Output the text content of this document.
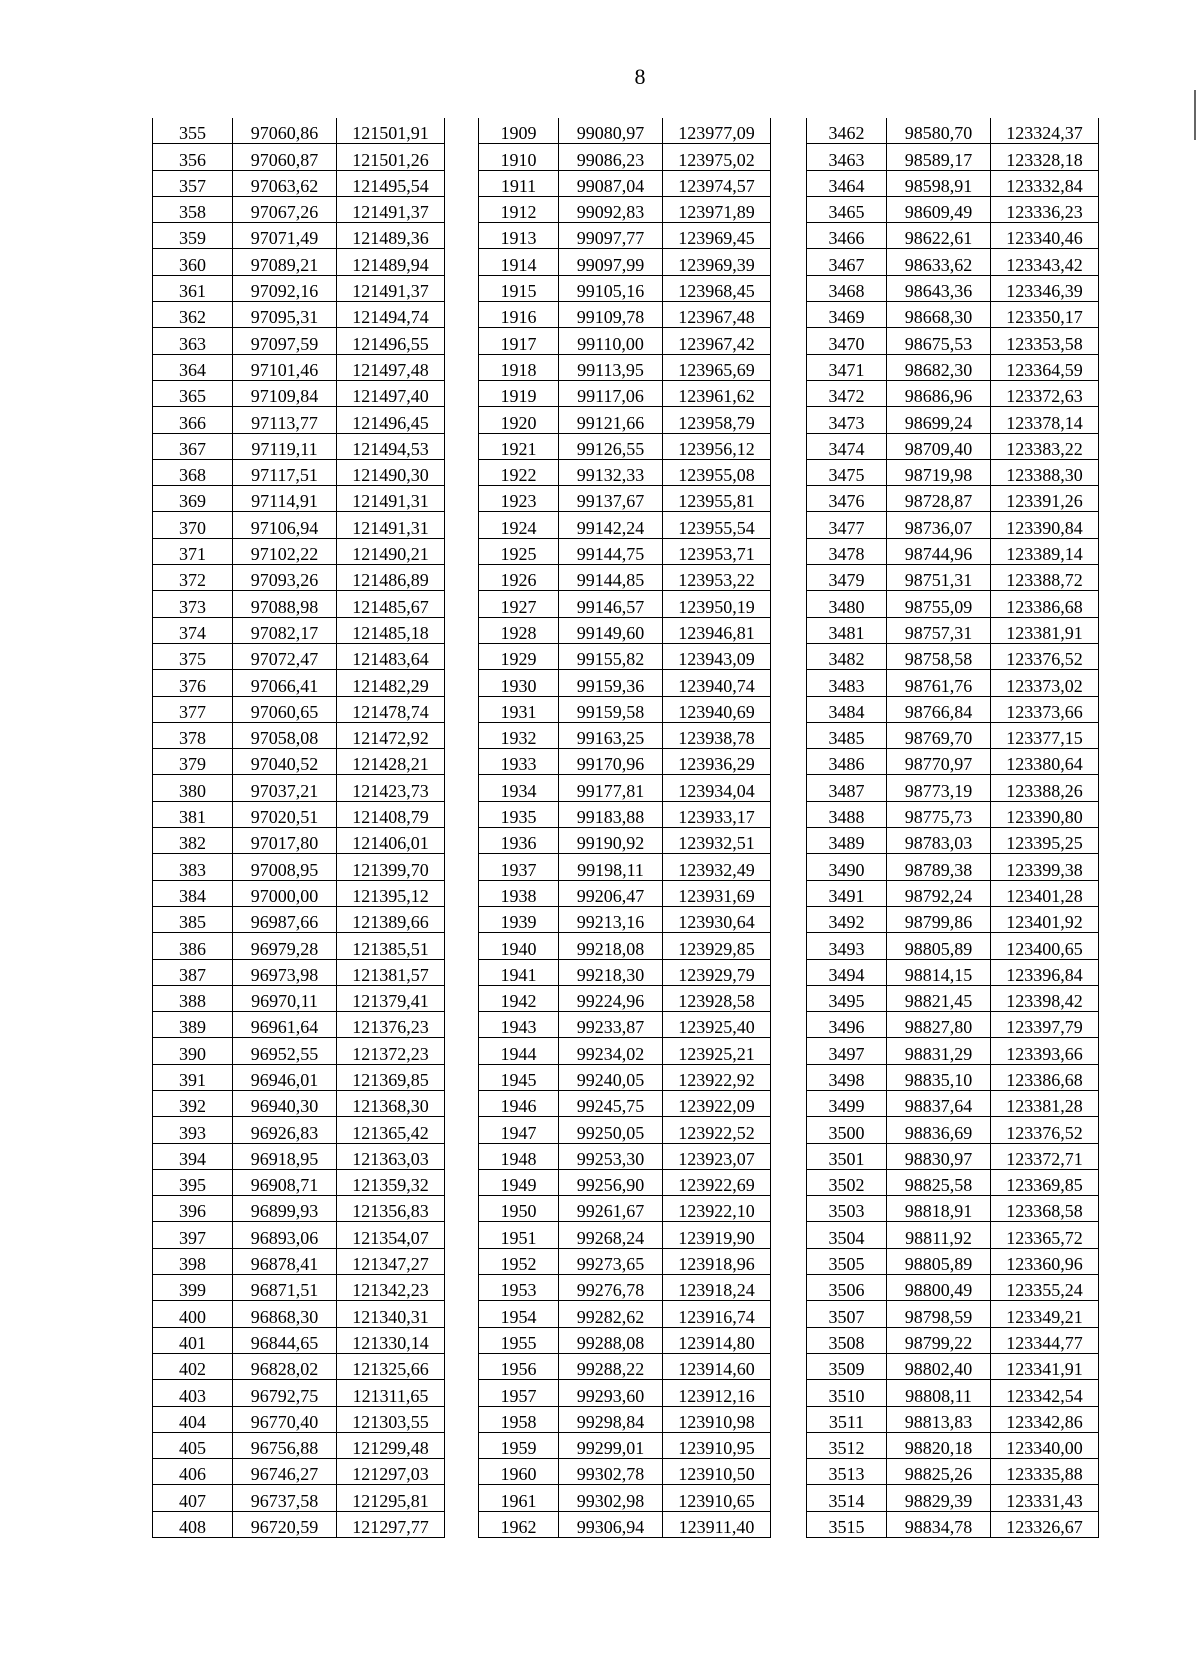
8
355	97060,86	121501,91
356	97060,87	121501,26
357	97063,62	121495,54
358	97067,26	121491,37
359	97071,49	121489,36
360	97089,21	121489,94
361	97092,16	121491,37
362	97095,31	121494,74
363	97097,59	121496,55
364	97101,46	121497,48
365	97109,84	121497,40
366	97113,77	121496,45
367	97119,11	121494,53
368	97117,51	121490,30
369	97114,91	121491,31
370	97106,94	121491,31
371	97102,22	121490,21
372	97093,26	121486,89
373	97088,98	121485,67
374	97082,17	121485,18
375	97072,47	121483,64
376	97066,41	121482,29
377	97060,65	121478,74
378	97058,08	121472,92
379	97040,52	121428,21
380	97037,21	121423,73
381	97020,51	121408,79
382	97017,80	121406,01
383	97008,95	121399,70
384	97000,00	121395,12
385	96987,66	121389,66
386	96979,28	121385,51
387	96973,98	121381,57
388	96970,11	121379,41
389	96961,64	121376,23
390	96952,55	121372,23
391	96946,01	121369,85
392	96940,30	121368,30
393	96926,83	121365,42
394	96918,95	121363,03
395	96908,71	121359,32
396	96899,93	121356,83
397	96893,06	121354,07
398	96878,41	121347,27
399	96871,51	121342,23
400	96868,30	121340,31
401	96844,65	121330,14
402	96828,02	121325,66
403	96792,75	121311,65
404	96770,40	121303,55
405	96756,88	121299,48
406	96746,27	121297,03
407	96737,58	121295,81
408	96720,59	121297,77
1909	99080,97	123977,09
1910	99086,23	123975,02
1911	99087,04	123974,57
1912	99092,83	123971,89
1913	99097,77	123969,45
1914	99097,99	123969,39
1915	99105,16	123968,45
1916	99109,78	123967,48
1917	99110,00	123967,42
1918	99113,95	123965,69
1919	99117,06	123961,62
1920	99121,66	123958,79
1921	99126,55	123956,12
1922	99132,33	123955,08
1923	99137,67	123955,81
1924	99142,24	123955,54
1925	99144,75	123953,71
1926	99144,85	123953,22
1927	99146,57	123950,19
1928	99149,60	123946,81
1929	99155,82	123943,09
1930	99159,36	123940,74
1931	99159,58	123940,69
1932	99163,25	123938,78
1933	99170,96	123936,29
1934	99177,81	123934,04
1935	99183,88	123933,17
1936	99190,92	123932,51
1937	99198,11	123932,49
1938	99206,47	123931,69
1939	99213,16	123930,64
1940	99218,08	123929,85
1941	99218,30	123929,79
1942	99224,96	123928,58
1943	99233,87	123925,40
1944	99234,02	123925,21
1945	99240,05	123922,92
1946	99245,75	123922,09
1947	99250,05	123922,52
1948	99253,30	123923,07
1949	99256,90	123922,69
1950	99261,67	123922,10
1951	99268,24	123919,90
1952	99273,65	123918,96
1953	99276,78	123918,24
1954	99282,62	123916,74
1955	99288,08	123914,80
1956	99288,22	123914,60
1957	99293,60	123912,16
1958	99298,84	123910,98
1959	99299,01	123910,95
1960	99302,78	123910,50
1961	99302,98	123910,65
1962	99306,94	123911,40
3462	98580,70	123324,37
3463	98589,17	123328,18
3464	98598,91	123332,84
3465	98609,49	123336,23
3466	98622,61	123340,46
3467	98633,62	123343,42
3468	98643,36	123346,39
3469	98668,30	123350,17
3470	98675,53	123353,58
3471	98682,30	123364,59
3472	98686,96	123372,63
3473	98699,24	123378,14
3474	98709,40	123383,22
3475	98719,98	123388,30
3476	98728,87	123391,26
3477	98736,07	123390,84
3478	98744,96	123389,14
3479	98751,31	123388,72
3480	98755,09	123386,68
3481	98757,31	123381,91
3482	98758,58	123376,52
3483	98761,76	123373,02
3484	98766,84	123373,66
3485	98769,70	123377,15
3486	98770,97	123380,64
3487	98773,19	123388,26
3488	98775,73	123390,80
3489	98783,03	123395,25
3490	98789,38	123399,38
3491	98792,24	123401,28
3492	98799,86	123401,92
3493	98805,89	123400,65
3494	98814,15	123396,84
3495	98821,45	123398,42
3496	98827,80	123397,79
3497	98831,29	123393,66
3498	98835,10	123386,68
3499	98837,64	123381,28
3500	98836,69	123376,52
3501	98830,97	123372,71
3502	98825,58	123369,85
3503	98818,91	123368,58
3504	98811,92	123365,72
3505	98805,89	123360,96
3506	98800,49	123355,24
3507	98798,59	123349,21
3508	98799,22	123344,77
3509	98802,40	123341,91
3510	98808,11	123342,54
3511	98813,83	123342,86
3512	98820,18	123340,00
3513	98825,26	123335,88
3514	98829,39	123331,43
3515	98834,78	123326,67
